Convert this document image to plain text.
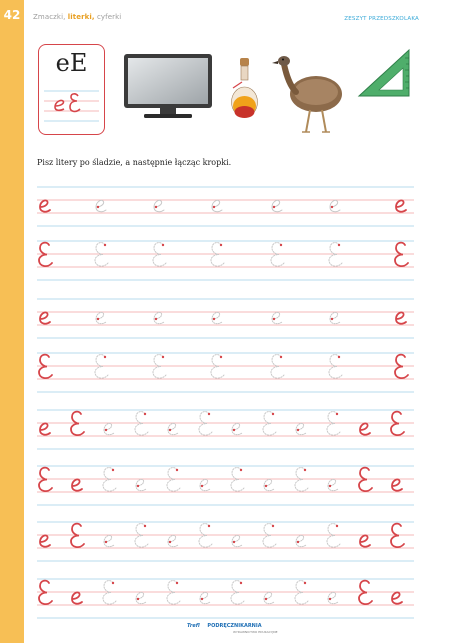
42	Zmaczki, literki, cyferki	ZESZYT PRZEDSZKOLAKA
eE
Pisz litery po śladzie, a następnie łącząc kropki.
Trefl PODRĘCZNIKARNIA
WYDAWNICTWO EDUKACYJNE
